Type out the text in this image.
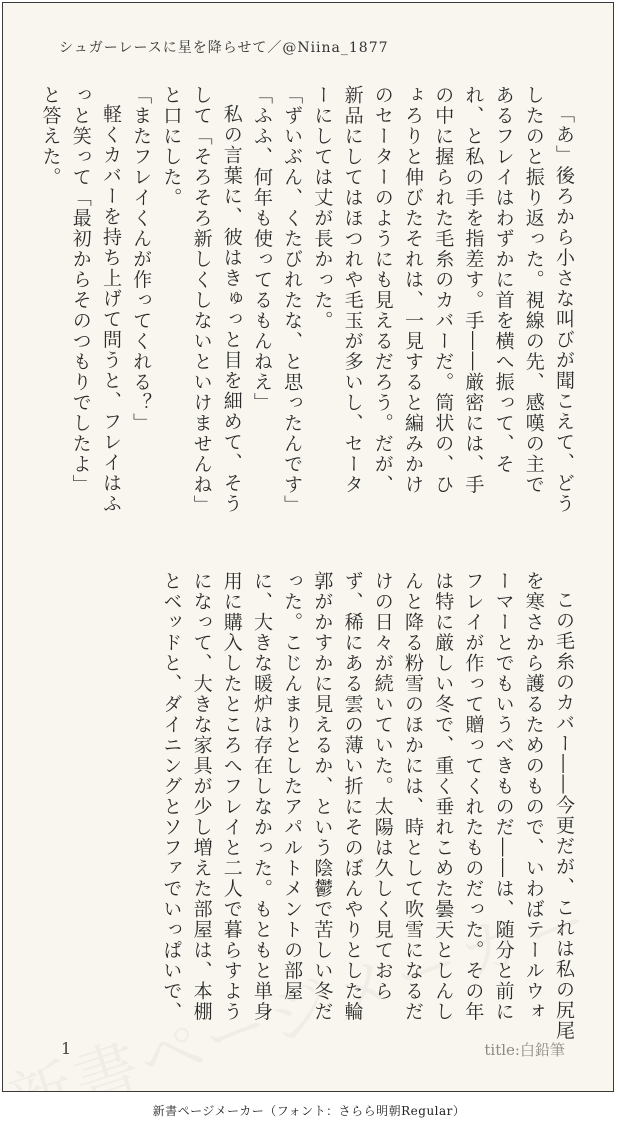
シュガーレースに星を降らせて／@Niina_1877

「あ」後ろから小さな叫びが聞こえて、どうしたのと振り返った。視線の先、感嘆の主であるフレイはわずかに首を横へ振って、それ、と私の手を指差す。手――厳密には、手の中に握られた毛糸のカバーだ。筒状の、ひょろりと伸びたそれは、一見すると編みかけのセーターのようにも見えるだろう。だが、新品にしてはほつれや毛玉が多いし、セーターにしては丈が長かった。

「ずいぶん、くたびれたな、と思ったんです」

「ふふ、何年も使ってるもんねえ」

私の言葉に、彼はきゅっと目を細めて、そうして「そろそろ新しくしないといけませんね」と口にした。

「またフレイくんが作ってくれる？」

軽くカバーを持ち上げて問うと、フレイはふっと笑って「最初からそのつもりでしたよ」と答えた。

この毛糸のカバー――今更だが、これは私の尻尾を寒さから護るためのもので、いわばテールウォーマーとでもいうべきものだ――は、随分と前にフレイが作って贈ってくれたものだった。その年は特に厳しい冬で、重く垂れこめた曇天としんしんと降る粉雪のほかには、時として吹雪になるだけの日々が続いていた。太陽は久しく見ておらず、稀にある雲の薄い折にそのぼんやりとした輪郭がかすかに見えるか、という陰鬱で苦しい冬だった。こじんまりとしたアパルトメントの部屋に、大きな暖炉は存在しなかった。もともと単身用に購入したところへフレイと二人で暮らすようになって、大きな家具が少し増えた部屋は、本棚とベッドと、ダイニングとソファでいっぱいで、

1	title:白鉛筆
新書ページメーカー（フォント：さらら明朝Regular）
